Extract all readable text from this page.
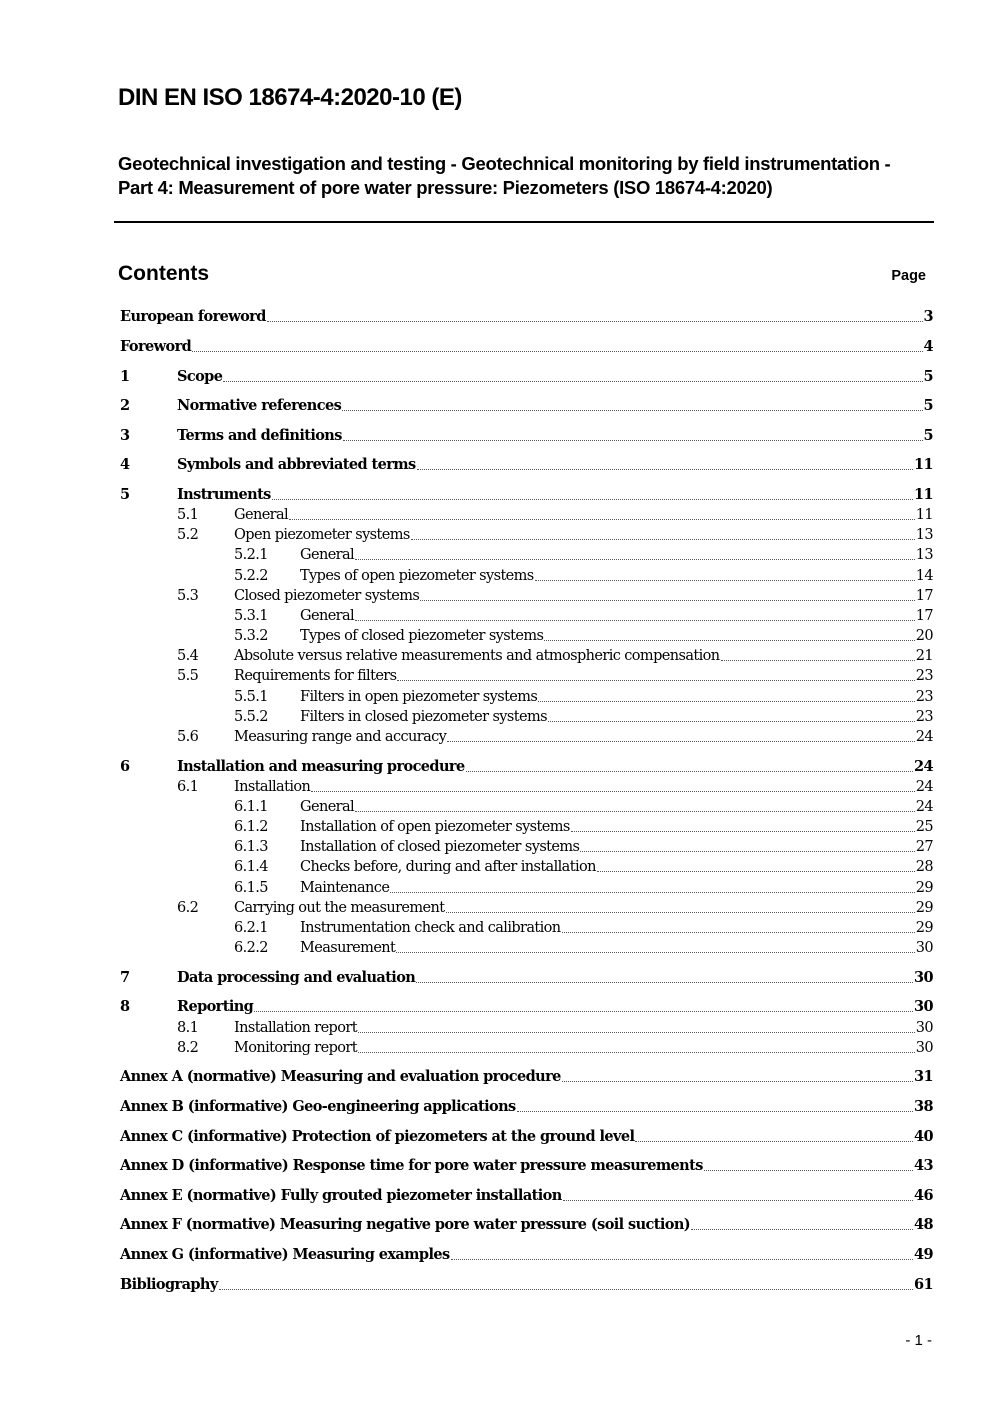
DIN EN ISO 18674-4:2020-10 (E)
Geotechnical investigation and testing - Geotechnical monitoring by field instrumentation - Part 4: Measurement of pore water pressure: Piezometers (ISO 18674-4:2020)
Contents	Page
European foreword	3
Foreword	4
1	Scope	5
2	Normative references	5
3	Terms and definitions	5
4	Symbols and abbreviated terms	11
5	Instruments	11
5.1	General	11
5.2	Open piezometer systems	13
5.2.1	General	13
5.2.2	Types of open piezometer systems	14
5.3	Closed piezometer systems	17
5.3.1	General	17
5.3.2	Types of closed piezometer systems	20
5.4	Absolute versus relative measurements and atmospheric compensation	21
5.5	Requirements for filters	23
5.5.1	Filters in open piezometer systems	23
5.5.2	Filters in closed piezometer systems	23
5.6	Measuring range and accuracy	24
6	Installation and measuring procedure	24
6.1	Installation	24
6.1.1	General	24
6.1.2	Installation of open piezometer systems	25
6.1.3	Installation of closed piezometer systems	27
6.1.4	Checks before, during and after installation	28
6.1.5	Maintenance	29
6.2	Carrying out the measurement	29
6.2.1	Instrumentation check and calibration	29
6.2.2	Measurement	30
7	Data processing and evaluation	30
8	Reporting	30
8.1	Installation report	30
8.2	Monitoring report	30
Annex A (normative) Measuring and evaluation procedure	31
Annex B (informative) Geo-engineering applications	38
Annex C (informative) Protection of piezometers at the ground level	40
Annex D (informative) Response time for pore water pressure measurements	43
Annex E (normative) Fully grouted piezometer installation	46
Annex F (normative) Measuring negative pore water pressure (soil suction)	48
Annex G (informative) Measuring examples	49
Bibliography	61
- 1 -
